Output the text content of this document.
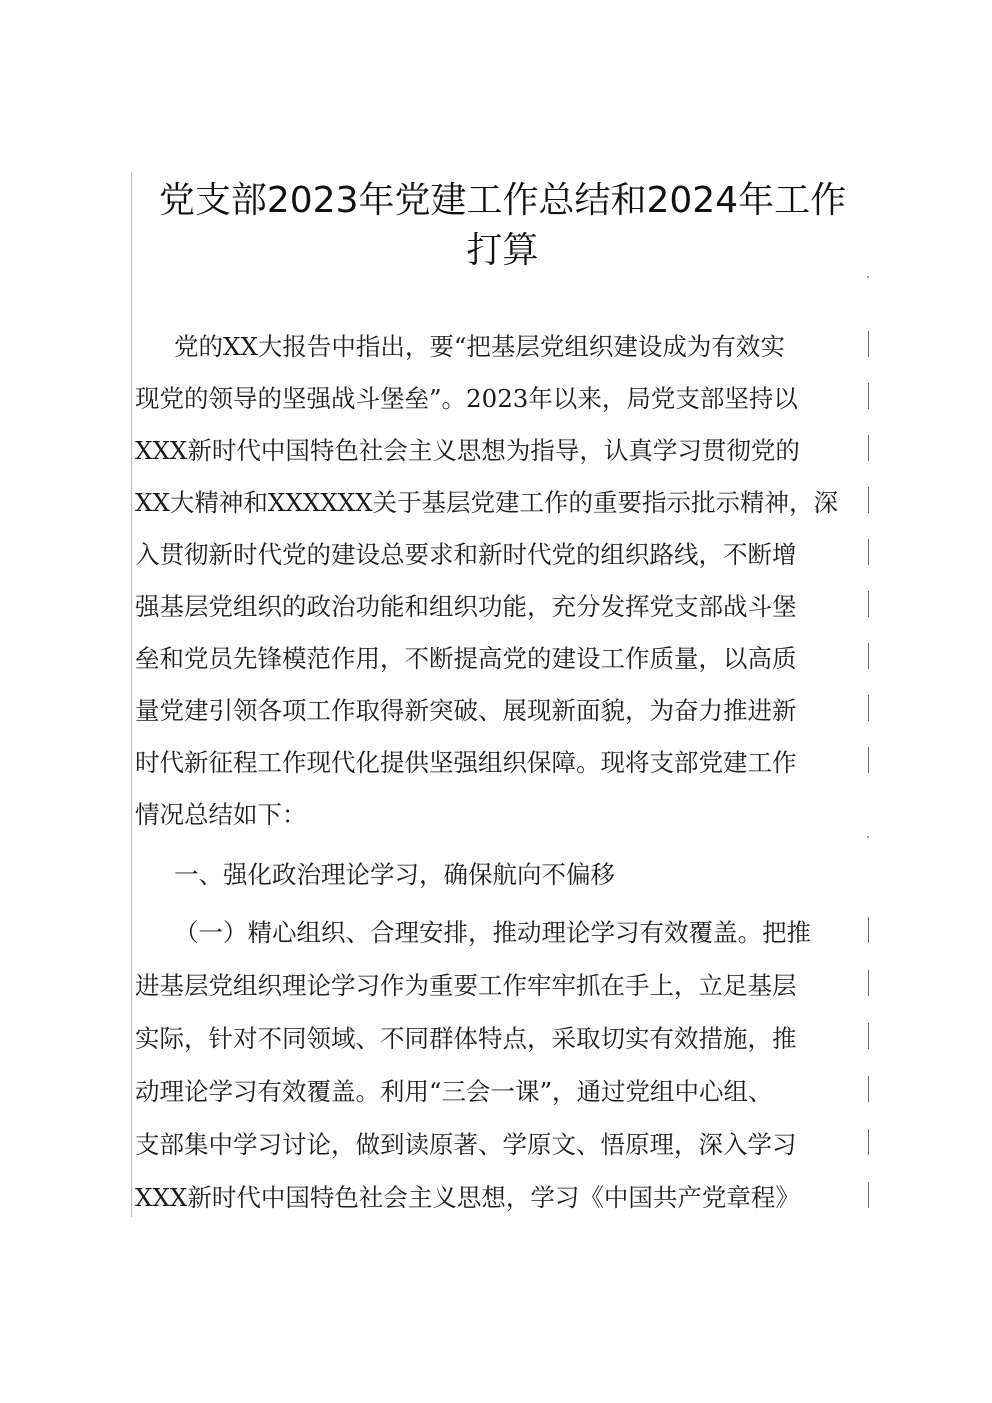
党支部2023年党建工作总结和2024年工作
打算
党的XX大报告中指出，要“把基层党组织建设成为有效实
现党的领导的坚强战斗堡垒”。2023年以来，局党支部坚持以
XXX新时代中国特色社会主义思想为指导，认真学习贯彻党的
XX大精神和XXXXXX关于基层党建工作的重要指示批示精神，深
入贯彻新时代党的建设总要求和新时代党的组织路线，不断增
强基层党组织的政治功能和组织功能，充分发挥党支部战斗堡
垒和党员先锋模范作用，不断提高党的建设工作质量，以高质
量党建引领各项工作取得新突破、展现新面貌，为奋力推进新
时代新征程工作现代化提供坚强组织保障。现将支部党建工作
情况总结如下：
一、强化政治理论学习，确保航向不偏移
（一）精心组织、合理安排，推动理论学习有效覆盖。把推
进基层党组织理论学习作为重要工作牢牢抓在手上，立足基层
实际，针对不同领域、不同群体特点，采取切实有效措施，推
动理论学习有效覆盖。利用“三会一课”，通过党组中心组、
支部集中学习讨论，做到读原著、学原文、悟原理，深入学习
XXX新时代中国特色社会主义思想，学习《中国共产党章程》
